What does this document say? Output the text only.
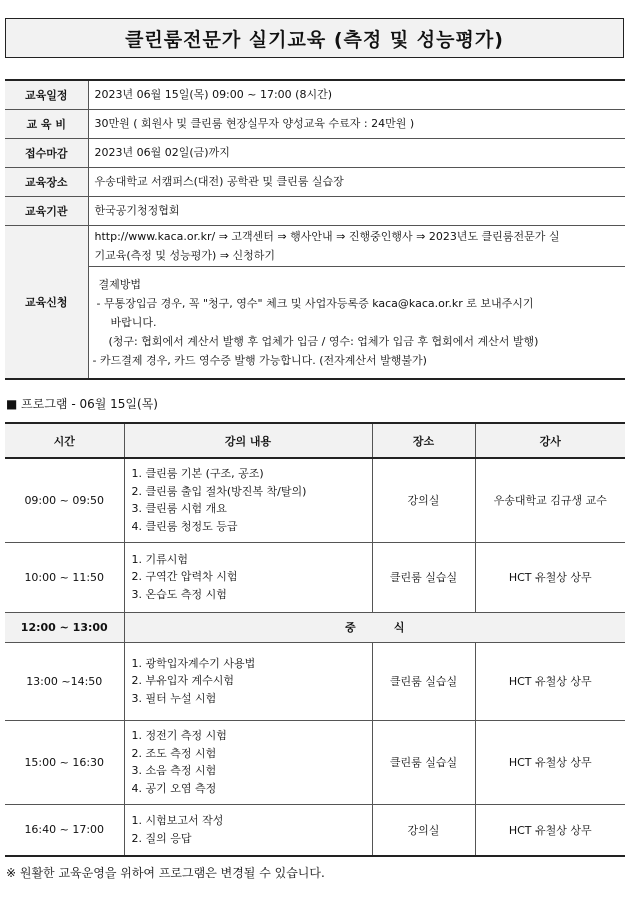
클린룸전문가 실기교육 (측정 및 성능평가)
교육일정	2023년 06월 15일(목) 09:00 ~ 17:00 (8시간)
교 육 비	30만원 ( 회원사 및 클린룸 현장실무자 양성교육 수료자 : 24만원 )
접수마감	2023년 06월 02일(금)까지
교육장소	우송대학교 서캠퍼스(대전) 공학관 및 클린룸 실습장
교육기관	한국공기청정협회
교육신청	http://www.kaca.or.kr/ ⇒ 고객센터 ⇒ 행사안내 ⇒ 진행중인행사 ⇒ 2023년도 클린룸전문가 실
기교육(측정 및 성능평가) ⇒ 신청하기

	결제방법
- 무통장입금 경우, 꼭 "청구, 영수" 체크 및 사업자등록증 kaca@kaca.or.kr 로 보내주시기
바랍니다.
(청구: 협회에서 계산서 발행 후 업체가 입금 / 영수: 업체가 입금 후 협회에서 계산서 발행)
- 카드결제 경우, 카드 영수증 발행 가능합니다. (전자계산서 발행불가)
■ 프로그램 - 06월 15일(목)
시간	강의 내용	장소	강사
09:00 ~ 09:50	1. 클린룸 기본 (구조, 공조)
2. 클린룸 출입 절차(방진복 착/탈의)
3. 클린룸 시험 개요
4. 클린룸 청정도 등급	강의실	우송대학교 김규생 교수
10:00 ~ 11:50	1. 기류시험
2. 구역간 압력차 시험
3. 온습도 측정 시험	클린룸 실습실	HCT 유철상 상무
12:00 ~ 13:00	중          식		
13:00 ~14:50	1. 광학입자계수기 사용법
2. 부유입자 계수시험
3. 필터 누설 시험	클린룸 실습실	HCT 유철상 상무
15:00 ~ 16:30	1. 정전기 측정 시험
2. 조도 측정 시험
3. 소음 측정 시험
4. 공기 오염 측정	클린룸 실습실	HCT 유철상 상무
16:40 ~ 17:00	1. 시험보고서 작성
2. 질의 응답	강의실	HCT 유철상 상무
※ 원활한 교육운영을 위하여 프로그램은 변경될 수 있습니다.
